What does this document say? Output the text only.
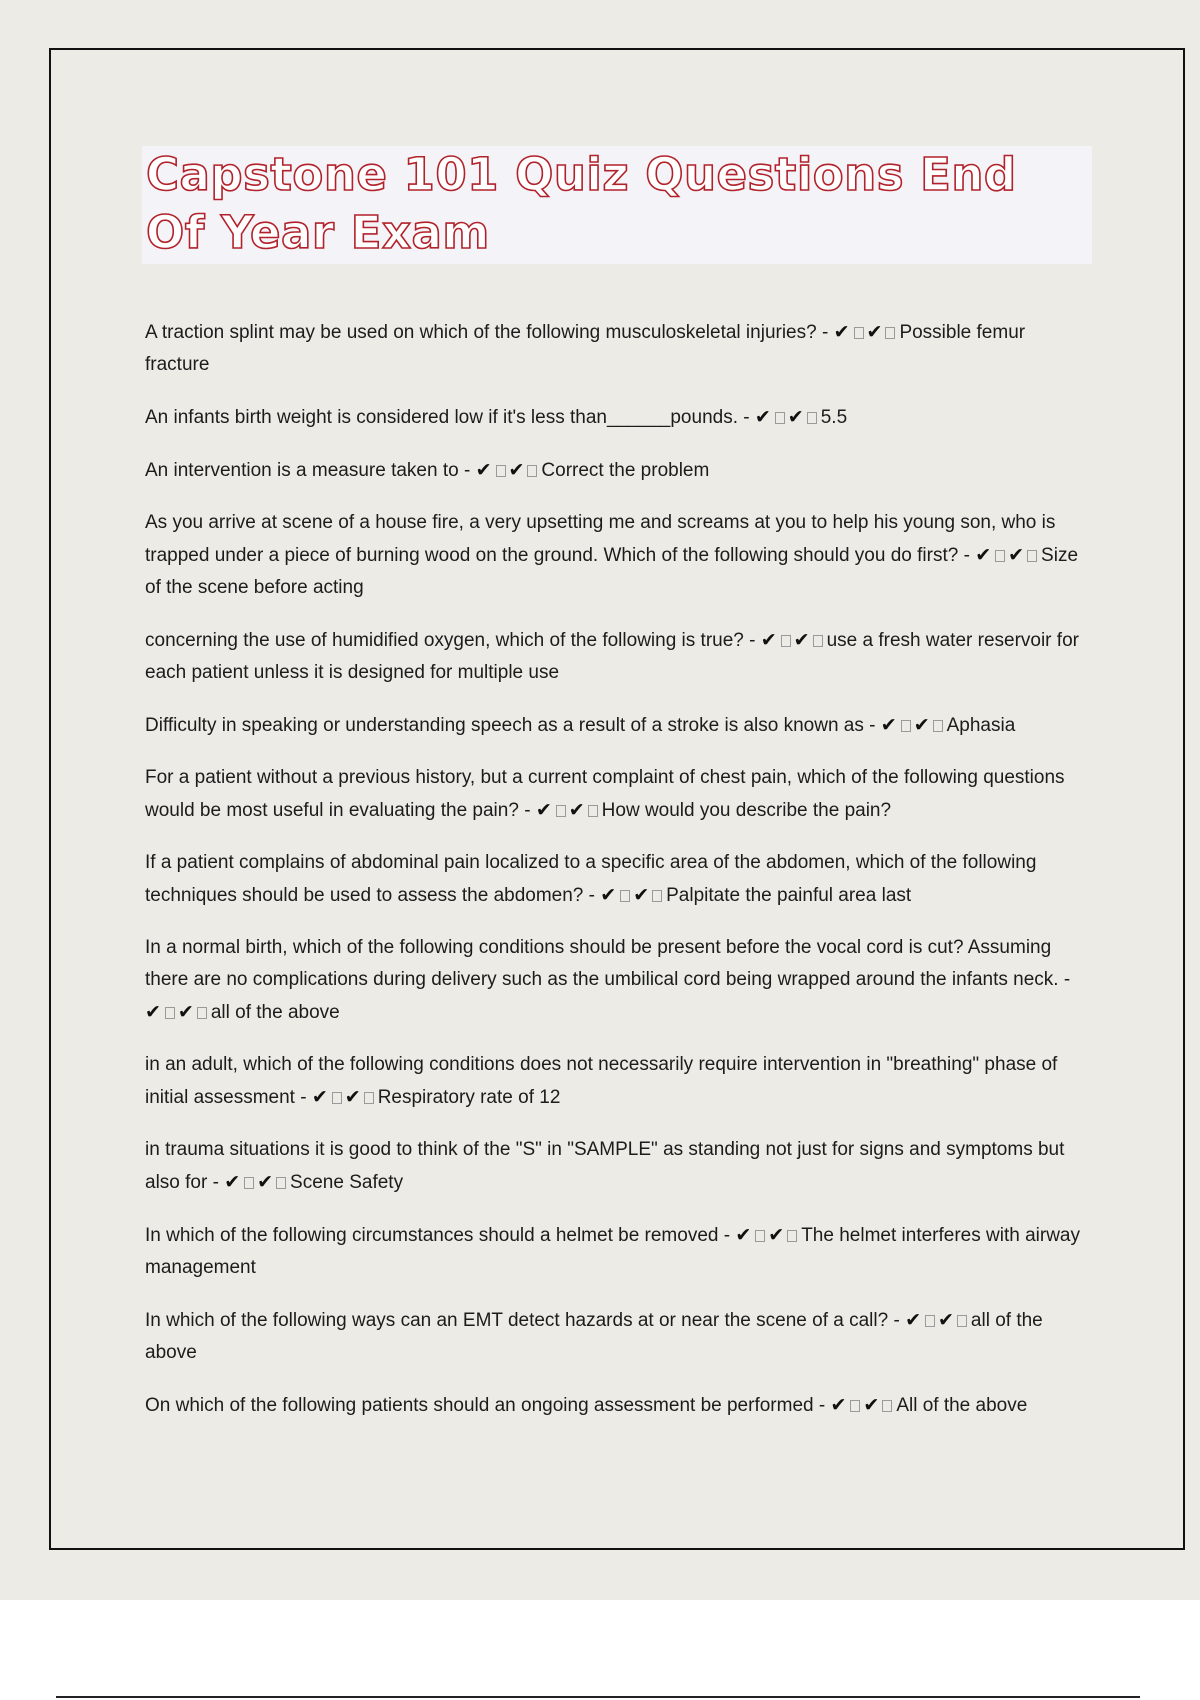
Capstone 101 Quiz Questions End Of Year Exam

A traction splint may be used on which of the following musculoskeletal injuries? - ✔ ✔ Possible femur fracture

An infants birth weight is considered low if it's less than______pounds. - ✔ ✔ 5.5

An intervention is a measure taken to - ✔ ✔ Correct the problem

As you arrive at scene of a house fire, a very upsetting me and screams at you to help his young son, who is trapped under a piece of burning wood on the ground. Which of the following should you do first? - ✔ ✔ Size of the scene before acting

concerning the use of humidified oxygen, which of the following is true? - ✔ ✔ use a fresh water reservoir for each patient unless it is designed for multiple use

Difficulty in speaking or understanding speech as a result of a stroke is also known as - ✔ ✔ Aphasia

For a patient without a previous history, but a current complaint of chest pain, which of the following questions would be most useful in evaluating the pain? - ✔ ✔ How would you describe the pain?

If a patient complains of abdominal pain localized to a specific area of the abdomen, which of the following techniques should be used to assess the abdomen? - ✔ ✔ Palpitate the painful area last

In a normal birth, which of the following conditions should be present before the vocal cord is cut? Assuming there are no complications during delivery such as the umbilical cord being wrapped around the infants neck. - ✔ ✔ all of the above

in an adult, which of the following conditions does not necessarily require intervention in "breathing" phase of initial assessment - ✔ ✔ Respiratory rate of 12

in trauma situations it is good to think of the "S" in "SAMPLE" as standing not just for signs and symptoms but also for - ✔ ✔ Scene Safety

In which of the following circumstances should a helmet be removed - ✔ ✔ The helmet interferes with airway management

In which of the following ways can an EMT detect hazards at or near the scene of a call? - ✔ ✔ all of the above

On which of the following patients should an ongoing assessment be performed - ✔ ✔ All of the above
